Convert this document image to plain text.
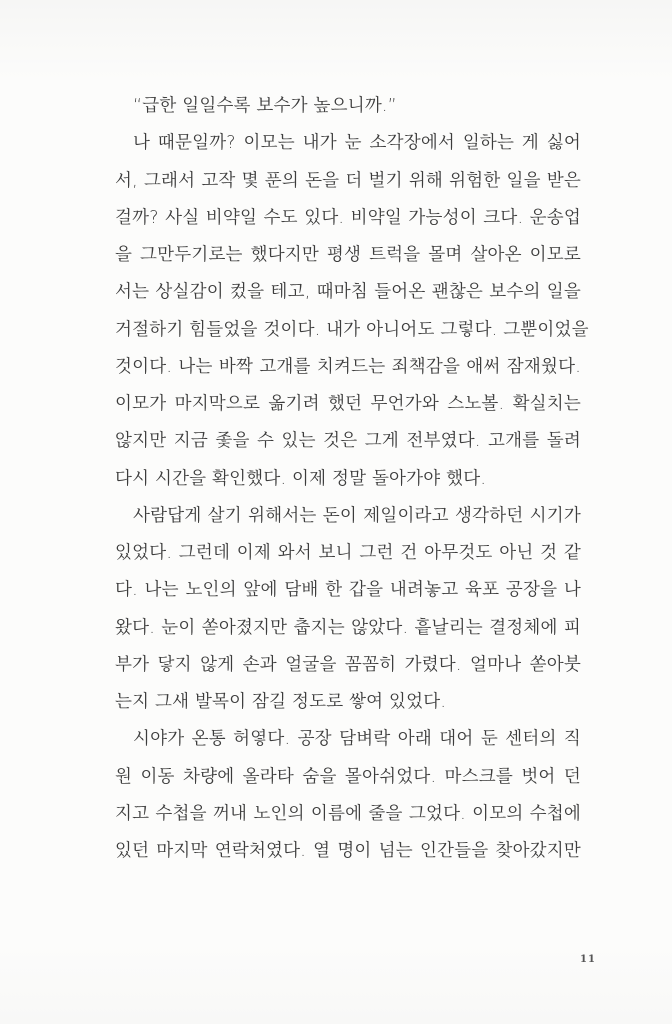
“급한 일일수록 보수가 높으니까.”
나 때문일까? 이모는 내가 눈 소각장에서 일하는 게 싫어
서, 그래서 고작 몇 푼의 돈을 더 벌기 위해 위험한 일을 받은
걸까? 사실 비약일 수도 있다. 비약일 가능성이 크다. 운송업
을 그만두기로는 했다지만 평생 트럭을 몰며 살아온 이모로
서는 상실감이 컸을 테고, 때마침 들어온 괜찮은 보수의 일을
거절하기 힘들었을 것이다. 내가 아니어도 그렇다. 그뿐이었을
것이다. 나는 바짝 고개를 치켜드는 죄책감을 애써 잠재웠다.
이모가 마지막으로 옮기려 했던 무언가와 스노볼. 확실치는
않지만 지금 좇을 수 있는 것은 그게 전부였다. 고개를 돌려
다시 시간을 확인했다. 이제 정말 돌아가야 했다.
사람답게 살기 위해서는 돈이 제일이라고 생각하던 시기가
있었다. 그런데 이제 와서 보니 그런 건 아무것도 아닌 것 같
다. 나는 노인의 앞에 담배 한 갑을 내려놓고 육포 공장을 나
왔다. 눈이 쏟아졌지만 춥지는 않았다. 흩날리는 결정체에 피
부가 닿지 않게 손과 얼굴을 꼼꼼히 가렸다. 얼마나 쏟아붓
는지 그새 발목이 잠길 정도로 쌓여 있었다.
시야가 온통 허옇다. 공장 담벼락 아래 대어 둔 센터의 직
원 이동 차량에 올라타 숨을 몰아쉬었다. 마스크를 벗어 던
지고 수첩을 꺼내 노인의 이름에 줄을 그었다. 이모의 수첩에
있던 마지막 연락처였다. 열 명이 넘는 인간들을 찾아갔지만
11
